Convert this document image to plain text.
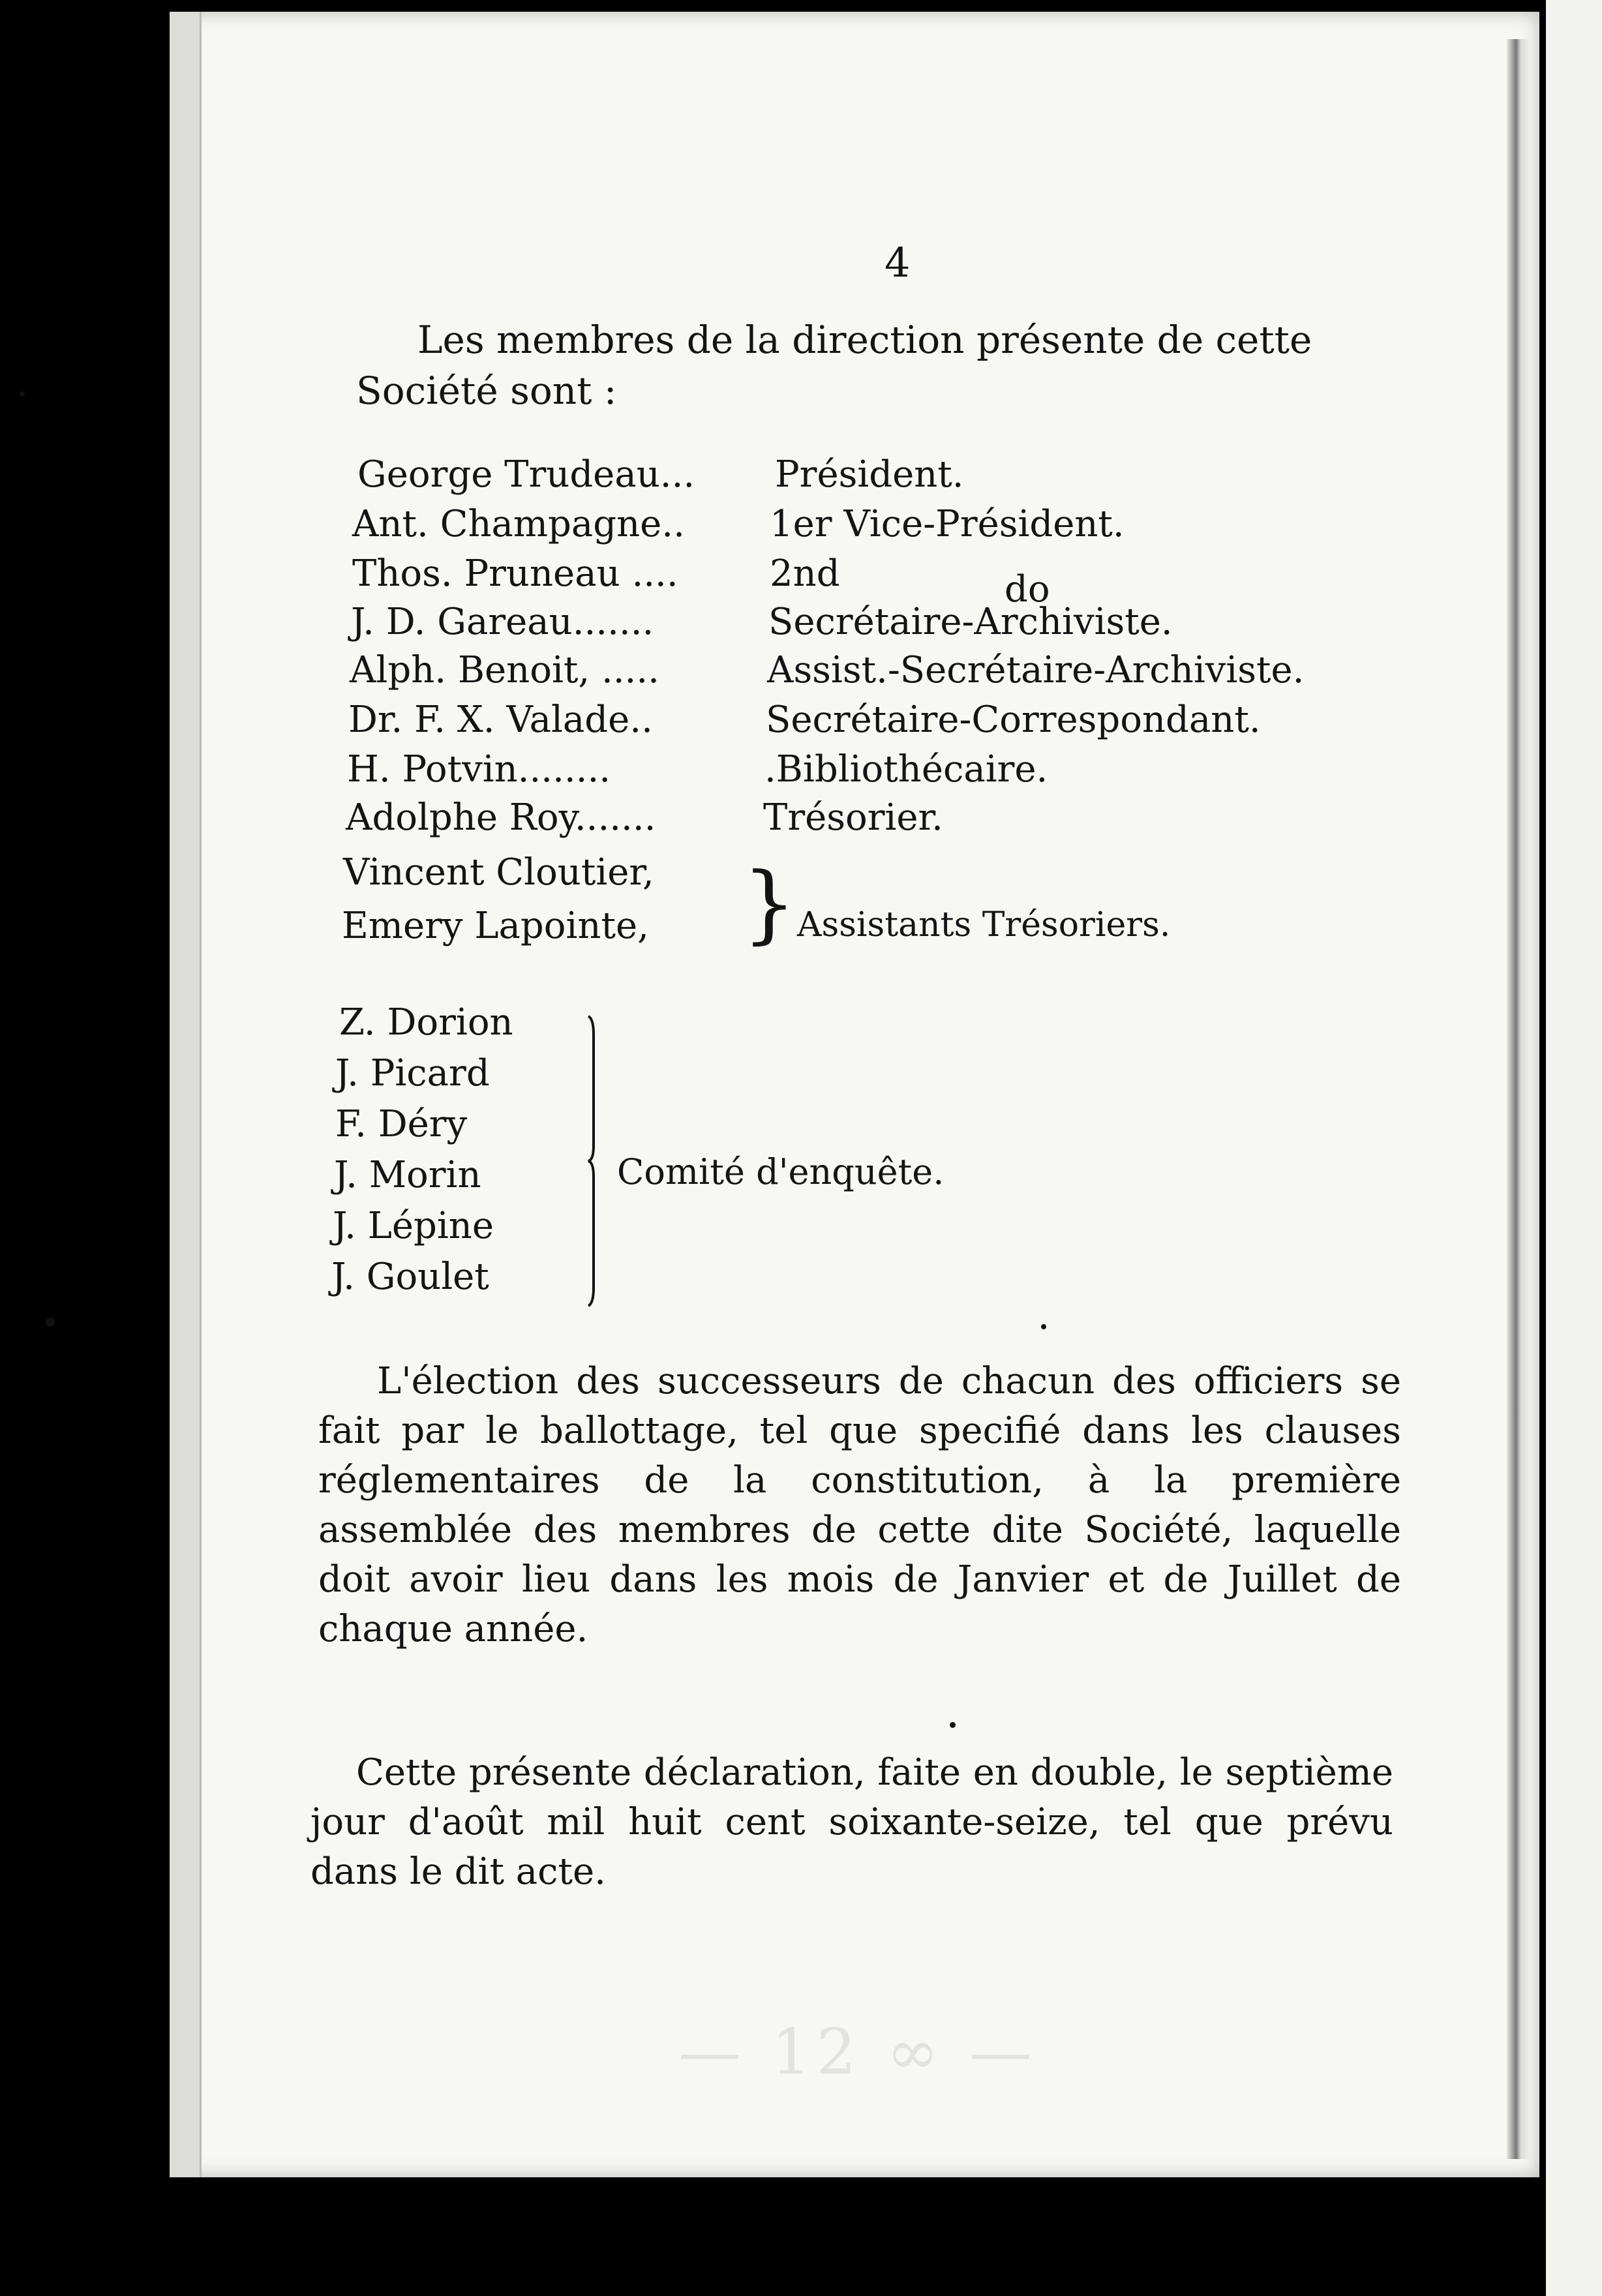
4
Les membres de la direction présente de cette
Société sont :
George Trudeau... Président.
Ant. Champagne.. 1er Vice-Président.
Thos. Pruneau ....	2nd	do
J. D. Gareau.......	Secrétaire-Archiviste.
Alph. Benoit, .....	Assist.-Secrétaire-Archiviste.
Dr. F. X. Valade..	Secrétaire-Correspondant.
H. Potvin........	.Bibliothécaire.
Adolphe Roy.......	Trésorier.
Vincent Cloutier,
Emery Lapointe, } Assistants Trésoriers.
Z. Dorion
J. Picard
F. Déry
J. Morin
J. Lépine
J. Goulet
Comité d'enquête.
L'élection des successeurs de chacun des officiers se fait par le ballottage, tel que specifié dans les clauses réglementaires de la constitution, à la première assemblée des membres de cette dite Société, laquelle doit avoir lieu dans les mois de Janvier et de Juillet de chaque année.
Cette présente déclaration, faite en double, le septième jour d'août mil huit cent soixante-seize, tel que prévu dans le dit acte.
— 12 ∞ —
